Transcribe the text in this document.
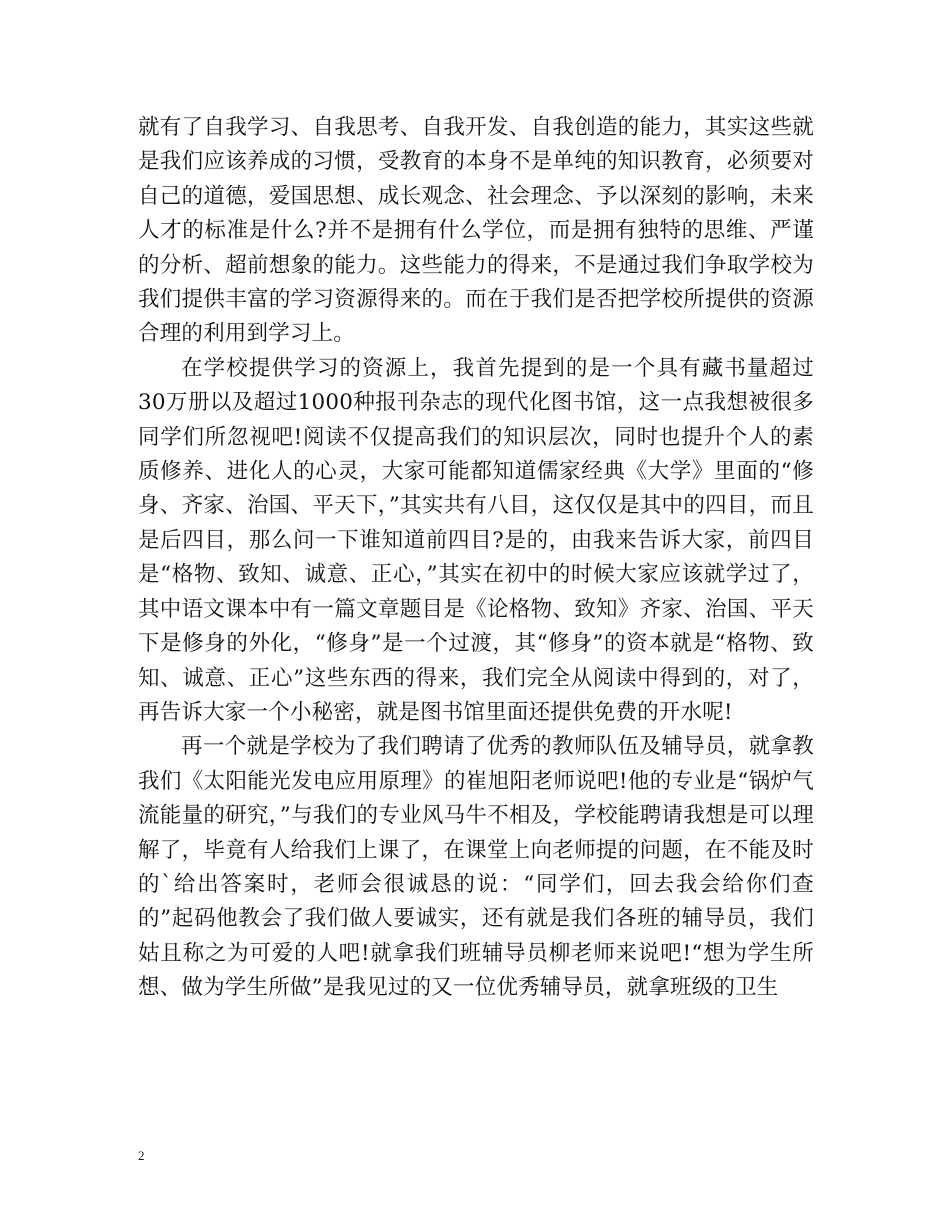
就有了自我学习、自我思考、自我开发、自我创造的能力，其实这些就是我们应该养成的习惯，受教育的本身不是单纯的知识教育，必须要对自己的道德，爱国思想、成长观念、社会理念、予以深刻的影响，未来人才的标准是什么?并不是拥有什么学位，而是拥有独特的思维、严谨的分析、超前想象的能力。这些能力的得来，不是通过我们争取学校为我们提供丰富的学习资源得来的。而在于我们是否把学校所提供的资源合理的利用到学习上。

在学校提供学习的资源上，我首先提到的是一个具有藏书量超过30万册以及超过1000种报刊杂志的现代化图书馆，这一点我想被很多同学们所忽视吧!阅读不仅提高我们的知识层次，同时也提升个人的素质修养、进化人的心灵，大家可能都知道儒家经典《大学》里面的“修身、齐家、治国、平天下，”其实共有八目，这仅仅是其中的四目，而且是后四目，那么问一下谁知道前四目?是的，由我来告诉大家，前四目是“格物、致知、诚意、正心，”其实在初中的时候大家应该就学过了，其中语文课本中有一篇文章题目是《论格物、致知》齐家、治国、平天下是修身的外化，“修身”是一个过渡，其“修身”的资本就是“格物、致知、诚意、正心”这些东西的得来，我们完全从阅读中得到的，对了，再告诉大家一个小秘密，就是图书馆里面还提供免费的开水呢!

再一个就是学校为了我们聘请了优秀的教师队伍及辅导员，就拿教我们《太阳能光发电应用原理》的崔旭阳老师说吧!他的专业是“锅炉气流能量的研究，”与我们的专业风马牛不相及，学校能聘请我想是可以理解了，毕竟有人给我们上课了，在课堂上向老师提的问题，在不能及时的`给出答案时，老师会很诚恳的说：“同学们，回去我会给你们查的”起码他教会了我们做人要诚实，还有就是我们各班的辅导员，我们姑且称之为可爱的人吧!就拿我们班辅导员柳老师来说吧!“想为学生所想、做为学生所做”是我见过的又一位优秀辅导员，就拿班级的卫生

2
